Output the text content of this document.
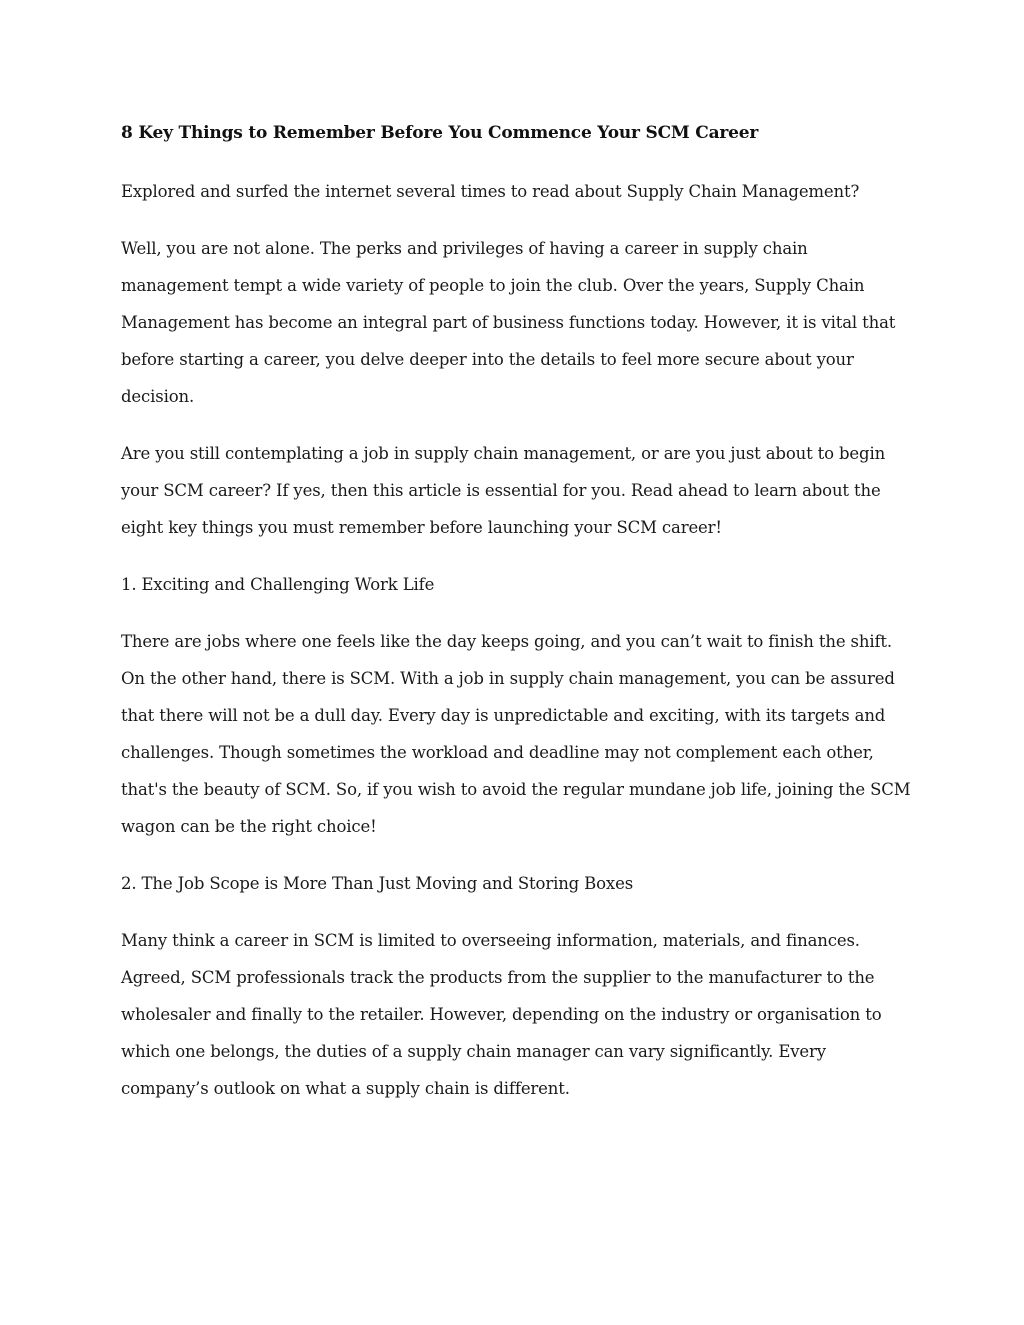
8 Key Things to Remember Before You Commence Your SCM Career

Explored and surfed the internet several times to read about Supply Chain Management?

Well, you are not alone. The perks and privileges of having a career in supply chain management tempt a wide variety of people to join the club. Over the years, Supply Chain Management has become an integral part of business functions today. However, it is vital that before starting a career, you delve deeper into the details to feel more secure about your decision.

Are you still contemplating a job in supply chain management, or are you just about to begin your SCM career? If yes, then this article is essential for you. Read ahead to learn about the eight key things you must remember before launching your SCM career!

1. Exciting and Challenging Work Life

There are jobs where one feels like the day keeps going, and you can’t wait to finish the shift. On the other hand, there is SCM. With a job in supply chain management, you can be assured that there will not be a dull day. Every day is unpredictable and exciting, with its targets and challenges. Though sometimes the workload and deadline may not complement each other, that's the beauty of SCM. So, if you wish to avoid the regular mundane job life, joining the SCM wagon can be the right choice!

2. The Job Scope is More Than Just Moving and Storing Boxes

Many think a career in SCM is limited to overseeing information, materials, and finances. Agreed, SCM professionals track the products from the supplier to the manufacturer to the wholesaler and finally to the retailer. However, depending on the industry or organisation to which one belongs, the duties of a supply chain manager can vary significantly. Every company’s outlook on what a supply chain is different.
